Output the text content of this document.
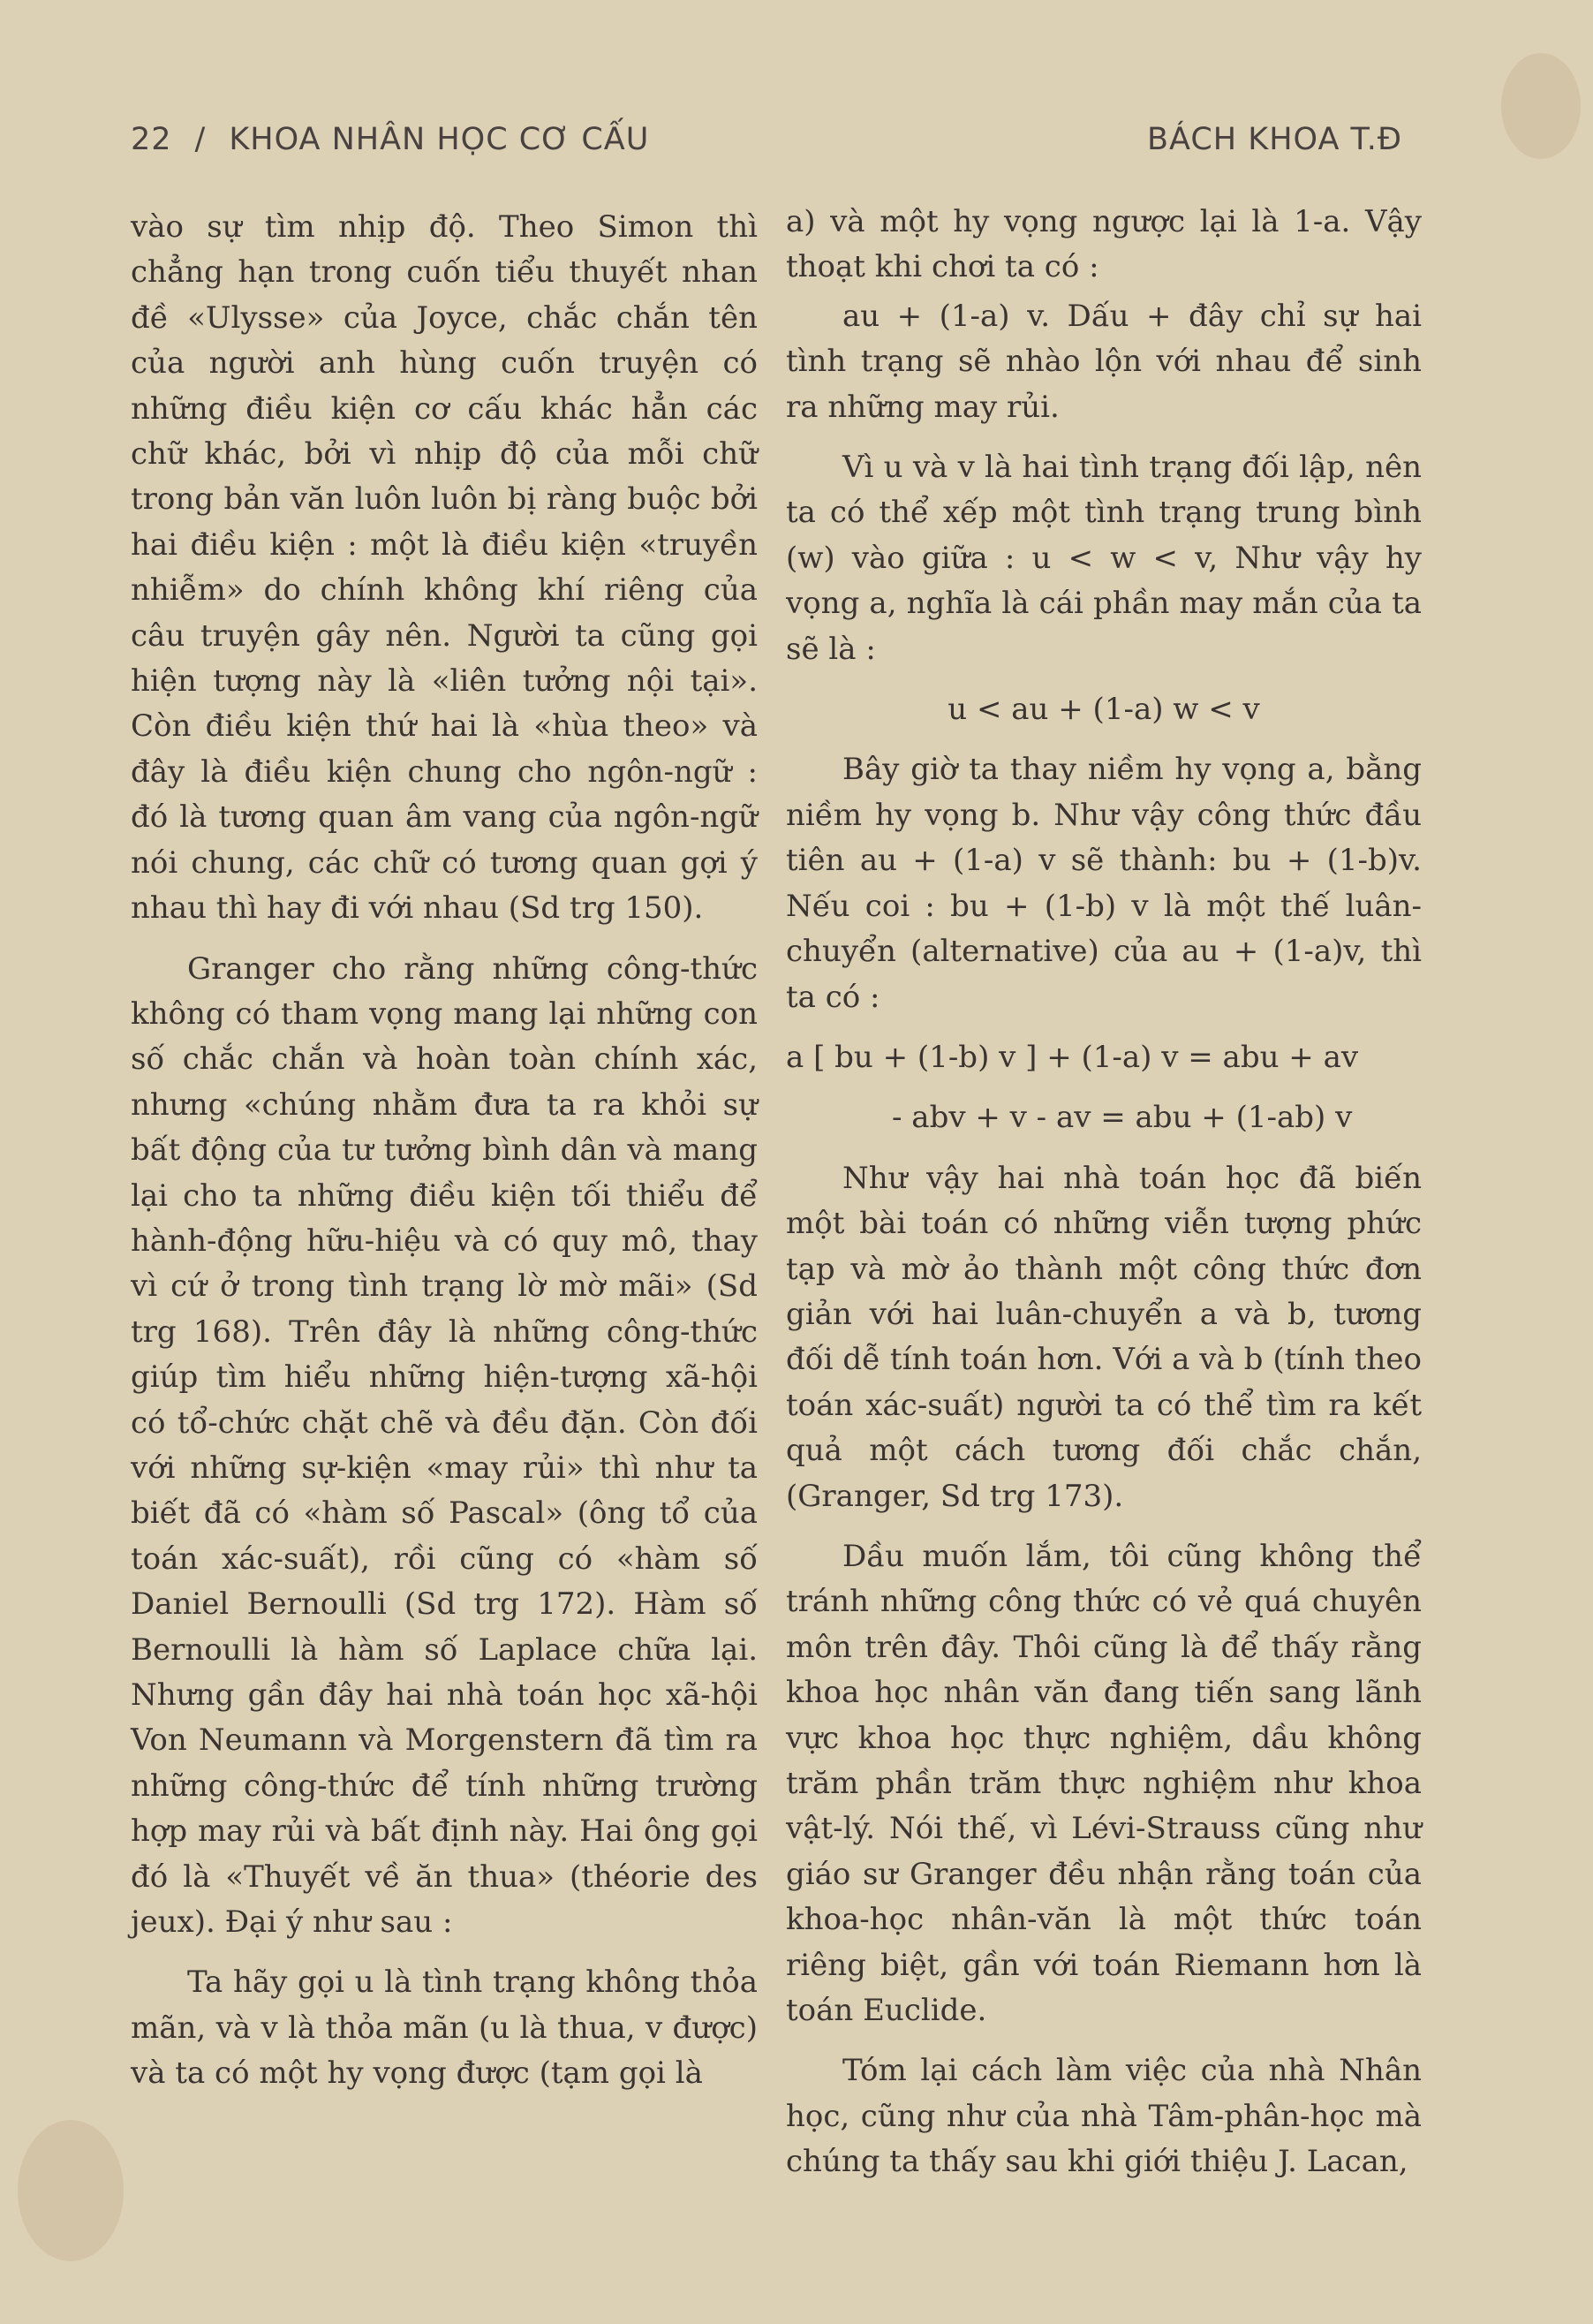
22 / KHOA NHÂN HỌC CƠ CẤU	BÁCH KHOA T.Đ

vào sự tìm nhịp độ. Theo Simon thì chẳng hạn trong cuốn tiểu thuyết nhan đề «Ulysse» của Joyce, chắc chắn tên của người anh hùng cuốn truyện có những điều kiện cơ cấu khác hẳn các chữ khác, bởi vì nhịp độ của mỗi chữ trong bản văn luôn luôn bị ràng buộc bởi hai điều kiện : một là điều kiện «truyền nhiễm» do chính không khí riêng của câu truyện gây nên. Người ta cũng gọi hiện tượng này là «liên tưởng nội tại». Còn điều kiện thứ hai là «hùa theo» và đây là điều kiện chung cho ngôn-ngữ : đó là tương quan âm vang của ngôn-ngữ nói chung, các chữ có tương quan gợi ý nhau thì hay đi với nhau (Sd trg 150).

Granger cho rằng những công-thức không có tham vọng mang lại những con số chắc chắn và hoàn toàn chính xác, nhưng «chúng nhằm đưa ta ra khỏi sự bất động của tư tưởng bình dân và mang lại cho ta những điều kiện tối thiểu để hành-động hữu-hiệu và có quy mô, thay vì cứ ở trong tình trạng lờ mờ mãi» (Sd trg 168). Trên đây là những công-thức giúp tìm hiểu những hiện-tượng xã-hội có tổ-chức chặt chẽ và đều đặn. Còn đối với những sự-kiện «may rủi» thì như ta biết đã có «hàm số Pascal» (ông tổ của toán xác-suất), rồi cũng có «hàm số Daniel Bernoulli (Sd trg 172). Hàm số Bernoulli là hàm số Laplace chữa lại. Nhưng gần đây hai nhà toán học xã-hội Von Neumann và Morgenstern đã tìm ra những công-thức để tính những trường hợp may rủi và bất định này. Hai ông gọi đó là «Thuyết về ăn thua» (théorie des jeux). Đại ý như sau :

Ta hãy gọi u là tình trạng không thỏa mãn, và v là thỏa mãn (u là thua, v được) và ta có một hy vọng được (tạm gọi là

a) và một hy vọng ngược lại là 1-a. Vậy thoạt khi chơi ta có :

au + (1-a) v. Dấu + đây chỉ sự hai tình trạng sẽ nhào lộn với nhau để sinh ra những may rủi.

Vì u và v là hai tình trạng đối lập, nên ta có thể xếp một tình trạng trung bình (w) vào giữa : u < w < v, Như vậy hy vọng a, nghĩa là cái phần may mắn của ta sẽ là :

u < au + (1-a) w < v

Bây giờ ta thay niềm hy vọng a, bằng niềm hy vọng b. Như vậy công thức đầu tiên au + (1-a) v sẽ thành: bu + (1-b)v. Nếu coi : bu + (1-b) v là một thế luân-chuyển (alternative) của au + (1-a)v, thì ta có :

a [ bu + (1-b) v ] + (1-a) v = abu + av

- abv + v - av = abu + (1-ab) v

Như vậy hai nhà toán học đã biến một bài toán có những viễn tượng phức tạp và mờ ảo thành một công thức đơn giản với hai luân-chuyển a và b, tương đối dễ tính toán hơn. Với a và b (tính theo toán xác-suất) người ta có thể tìm ra kết quả một cách tương đối chắc chắn, (Granger, Sd trg 173).

Dầu muốn lắm, tôi cũng không thể tránh những công thức có vẻ quá chuyên môn trên đây. Thôi cũng là để thấy rằng khoa học nhân văn đang tiến sang lãnh vực khoa học thực nghiệm, dầu không trăm phần trăm thực nghiệm như khoa vật-lý. Nói thế, vì Lévi-Strauss cũng như giáo sư Granger đều nhận rằng toán của khoa-học nhân-văn là một thức toán riêng biệt, gần với toán Riemann hơn là toán Euclide.

Tóm lại cách làm việc của nhà Nhân học, cũng như của nhà Tâm-phân-học mà chúng ta thấy sau khi giới thiệu J. Lacan,
